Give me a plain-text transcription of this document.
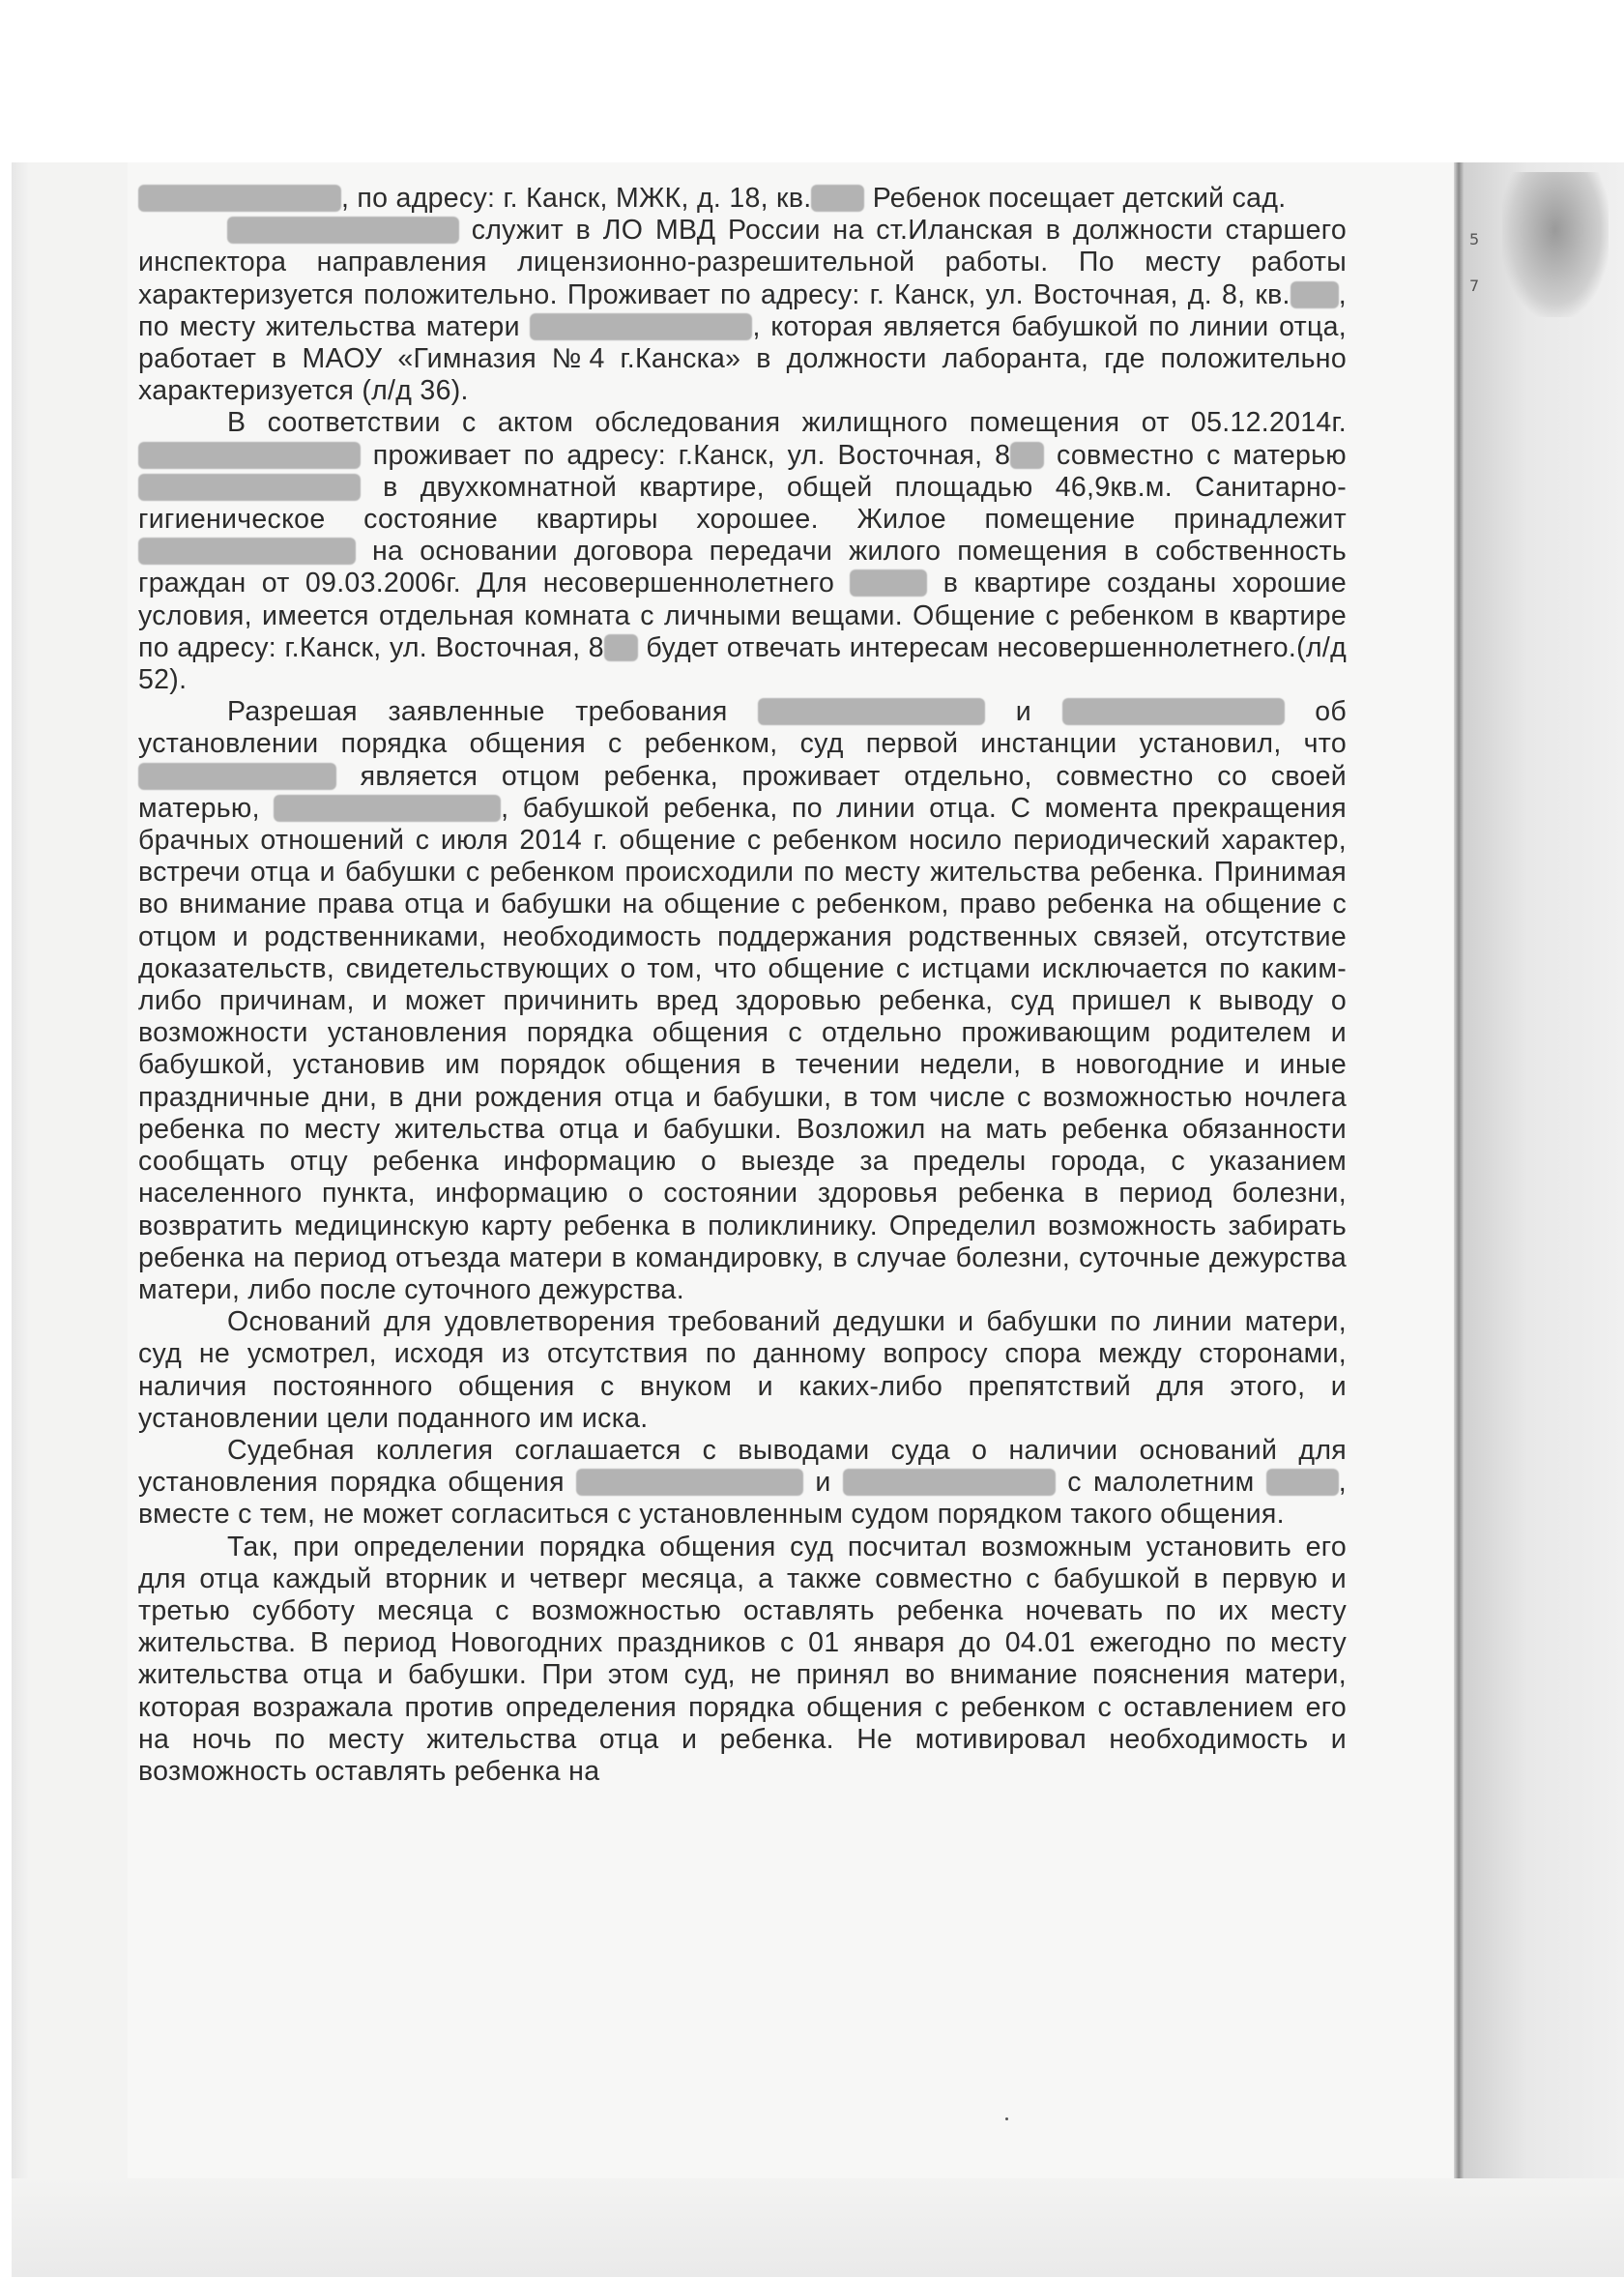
5
7

, по адресу: г. Канск, МЖК, д. 18, кв. Ребенок посещает детский сад.

служит в ЛО МВД России на ст.Иланская в должности старшего инспектора направления лицензионно-разрешительной работы. По месту работы характеризуется положительно. Проживает по адресу: г. Канск, ул. Восточная, д. 8, кв. , по месту жительства матери	, которая является бабушкой по линии отца, работает в МАОУ «Гимназия №4 г.Канска» в должности лаборанта, где положительно характеризуется (л/д 36).

В соответствии с актом обследования жилищного помещения от 05.12.2014г.  проживает по адресу: г.Канск, ул. Восточная, 8 совместно с матерью  в двухкомнатной квартире, общей площадью 46,9кв.м. Санитарно-гигиеническое состояние квартиры хорошее. Жилое помещение принадлежит  на основании договора передачи жилого помещения в собственность граждан от 09.03.2006г. Для несовершеннолетнего	в квартире созданы хорошие условия, имеется отдельная комната с личными вещами. Общение с ребенком в квартире по адресу: г.Канск, ул. Восточная, 8 будет отвечать интересам несовершеннолетнего.(л/д 52).

Разрешая заявленные требования	и	об установлении порядка общения с ребенком, суд первой инстанции установил, что  является отцом ребенка, проживает отдельно, совместно со своей матерью,	, бабушкой ребенка, по линии отца. С момента прекращения брачных отношений с июля 2014 г. общение с ребенком носило периодический характер, встречи отца и бабушки с ребенком происходили по месту жительства ребенка. Принимая во внимание права отца и бабушки на общение с ребенком, право ребенка на общение с отцом и родственниками, необходимость поддержания родственных связей, отсутствие доказательств, свидетельствующих о том, что общение с истцами исключается по каким-либо причинам, и может причинить вред здоровью ребенка, суд пришел к выводу о возможности установления порядка общения с отдельно проживающим родителем и бабушкой, установив им порядок общения в течении недели, в новогодние и иные праздничные дни, в дни рождения отца и бабушки, в том числе с возможностью ночлега ребенка по месту жительства отца и бабушки. Возложил на мать ребенка обязанности сообщать отцу ребенка информацию о выезде за пределы города, с указанием населенного пункта, информацию о состоянии здоровья ребенка в период болезни, возвратить медицинскую карту ребенка в поликлинику. Определил возможность забирать ребенка на период отъезда матери в командировку, в случае болезни, суточные дежурства матери, либо после суточного дежурства.

Оснований для удовлетворения требований дедушки и бабушки по линии матери, суд не усмотрел, исходя из отсутствия по данному вопросу спора между сторонами, наличия постоянного общения с внуком и каких-либо препятствий для этого, и установлении цели поданного им иска.

Судебная коллегия соглашается с выводами суда о наличии оснований для установления порядка общения	и	с малолетним	, вместе с тем, не может согласиться с установленным судом порядком такого общения.

Так, при определении порядка общения суд посчитал возможным установить его для отца каждый вторник и четверг месяца, а также совместно с бабушкой в первую и третью субботу месяца с возможностью оставлять ребенка ночевать по их месту жительства. В период Новогодних праздников с 01 января до 04.01 ежегодно по месту жительства отца и бабушки. При этом суд, не принял во внимание пояснения матери, которая возражала против определения порядка общения с ребенком с оставлением его на ночь по месту жительства отца и ребенка. Не мотивировал необходимость и возможность оставлять ребенка на
